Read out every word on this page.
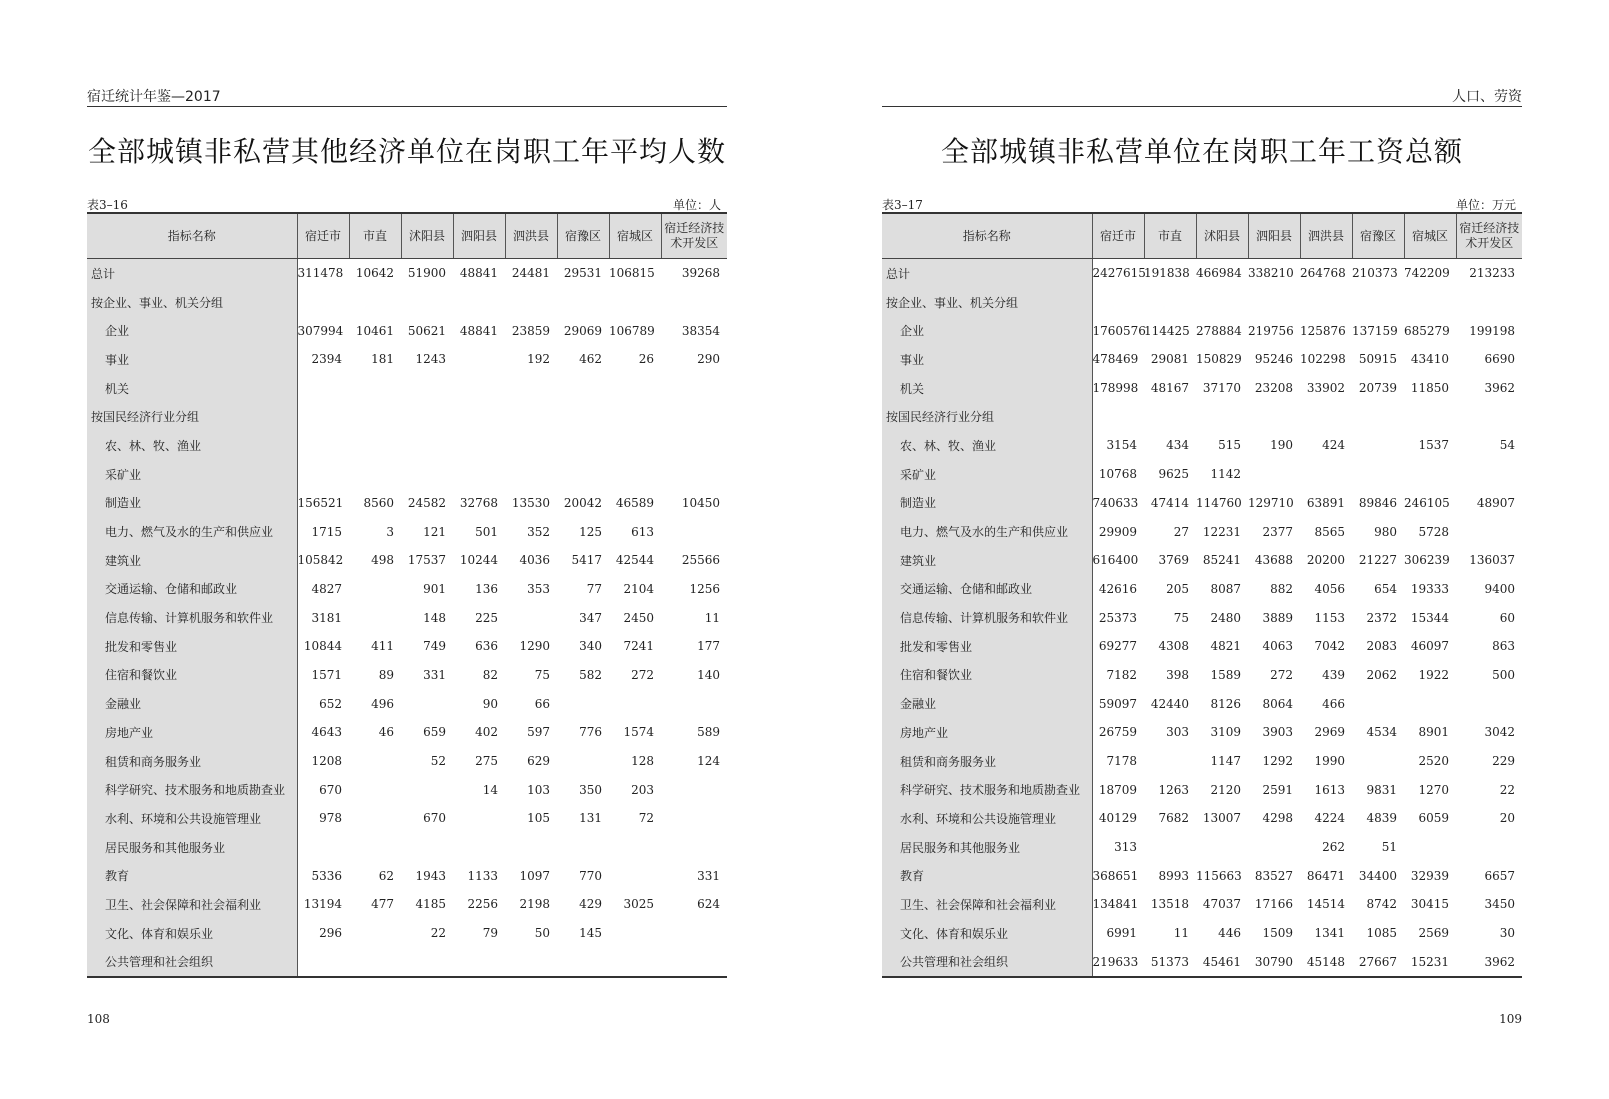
宿迁统计年鉴—2017
全部城镇非私营其他经济单位在岗职工年平均人数
表3–16	单位：人
指标名称	宿迁市	市直	沭阳县	泗阳县	泗洪县	宿豫区	宿城区	宿迁经济技术开发区
总计	311478	10642	51900	48841	24481	29531	106815	39268
按企业、事业、机关分组								
企业	307994	10461	50621	48841	23859	29069	106789	38354
事业	2394	181	1243		192	462	26	290
机关								
按国民经济行业分组								
农、林、牧、渔业								
采矿业								
制造业	156521	8560	24582	32768	13530	20042	46589	10450
电力、燃气及水的生产和供应业	1715	3	121	501	352	125	613	
建筑业	105842	498	17537	10244	4036	5417	42544	25566
交通运输、仓储和邮政业	4827		901	136	353	77	2104	1256
信息传输、计算机服务和软件业	3181		148	225		347	2450	11
批发和零售业	10844	411	749	636	1290	340	7241	177
住宿和餐饮业	1571	89	331	82	75	582	272	140
金融业	652	496		90	66			
房地产业	4643	46	659	402	597	776	1574	589
租赁和商务服务业	1208		52	275	629		128	124
科学研究、技术服务和地质勘查业	670			14	103	350	203	
水利、环境和公共设施管理业	978		670		105	131	72	
居民服务和其他服务业								
教育	5336	62	1943	1133	1097	770		331
卫生、社会保障和社会福利业	13194	477	4185	2256	2198	429	3025	624
文化、体育和娱乐业	296		22	79	50	145		
公共管理和社会组织								
108
人口、劳资
全部城镇非私营单位在岗职工年工资总额
表3–17	单位：万元
指标名称	宿迁市	市直	沭阳县	泗阳县	泗洪县	宿豫区	宿城区	宿迁经济技术开发区
总计	2427615	191838	466984	338210	264768	210373	742209	213233
按企业、事业、机关分组								
企业	1760576	114425	278884	219756	125876	137159	685279	199198
事业	478469	29081	150829	95246	102298	50915	43410	6690
机关	178998	48167	37170	23208	33902	20739	11850	3962
按国民经济行业分组								
农、林、牧、渔业	3154	434	515	190	424		1537	54
采矿业	10768	9625	1142					
制造业	740633	47414	114760	129710	63891	89846	246105	48907
电力、燃气及水的生产和供应业	29909	27	12231	2377	8565	980	5728	
建筑业	616400	3769	85241	43688	20200	21227	306239	136037
交通运输、仓储和邮政业	42616	205	8087	882	4056	654	19333	9400
信息传输、计算机服务和软件业	25373	75	2480	3889	1153	2372	15344	60
批发和零售业	69277	4308	4821	4063	7042	2083	46097	863
住宿和餐饮业	7182	398	1589	272	439	2062	1922	500
金融业	59097	42440	8126	8064	466			
房地产业	26759	303	3109	3903	2969	4534	8901	3042
租赁和商务服务业	7178		1147	1292	1990		2520	229
科学研究、技术服务和地质勘查业	18709	1263	2120	2591	1613	9831	1270	22
水利、环境和公共设施管理业	40129	7682	13007	4298	4224	4839	6059	20
居民服务和其他服务业	313				262	51		
教育	368651	8993	115663	83527	86471	34400	32939	6657
卫生、社会保障和社会福利业	134841	13518	47037	17166	14514	8742	30415	3450
文化、体育和娱乐业	6991	11	446	1509	1341	1085	2569	30
公共管理和社会组织	219633	51373	45461	30790	45148	27667	15231	3962
109
